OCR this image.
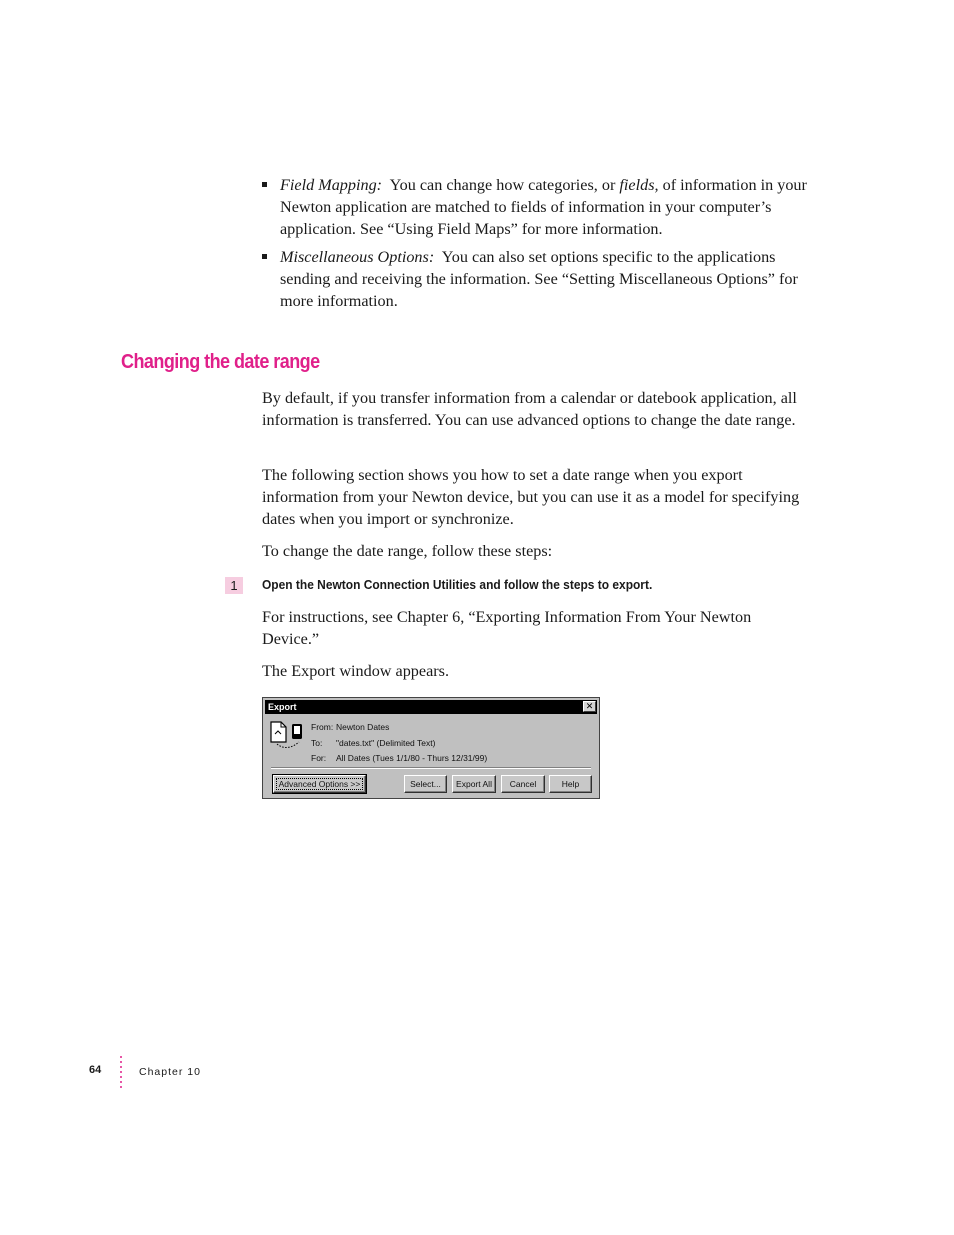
Field Mapping: You can change how categories, or fields, of information in your Newton application are matched to fields of information in your computer’s application. See “Using Field Maps” for more information.
Miscellaneous Options: You can also set options specific to the applications sending and receiving the information. See “Setting Miscellaneous Options” for more information.
Changing the date range
By default, if you transfer information from a calendar or datebook application, all information is transferred. You can use advanced options to change the date range.
The following section shows you how to set a date range when you export information from your Newton device, but you can use it as a model for specifying dates when you import or synchronize.
To change the date range, follow these steps:
1	Open the Newton Connection Utilities and follow the steps to export.
For instructions, see Chapter 6, “Exporting Information From Your Newton Device.”
The Export window appears.
Export	✕
From: Newton Dates
To: "dates.txt" (Delimited Text)
For: All Dates (Tues 1/1/80 - Thurs 12/31/99)
Advanced Options >>	Select...	Export All	Cancel	Help
64	Chapter 10
